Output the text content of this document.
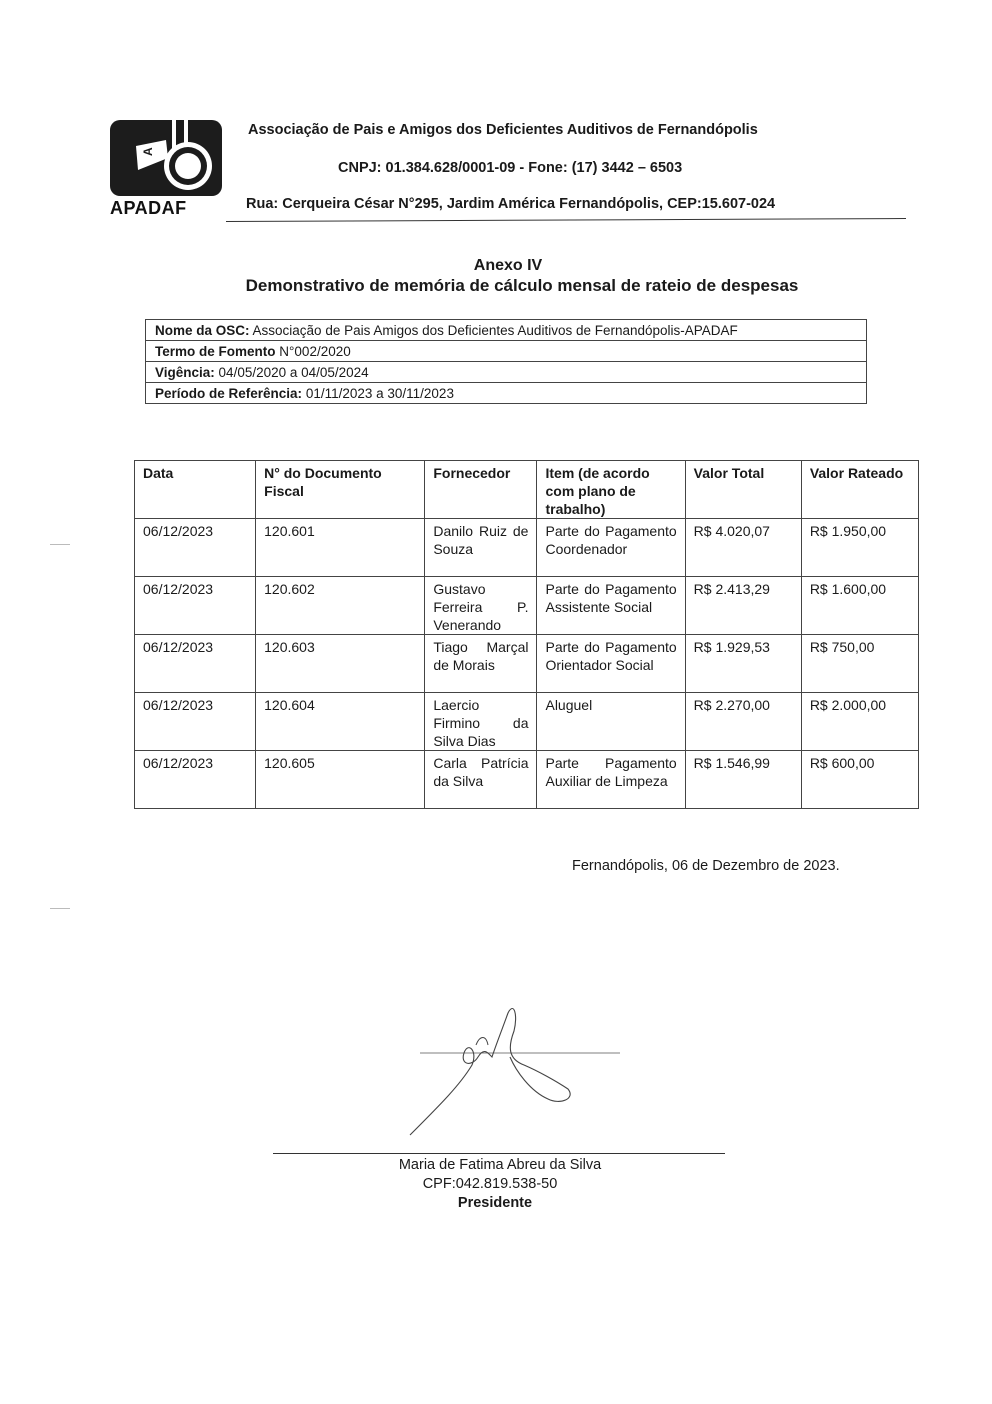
A
APADAF
Associação de Pais e Amigos dos Deficientes Auditivos de Fernandópolis
CNPJ: 01.384.628/0001-09 - Fone: (17) 3442 – 6503
Rua: Cerqueira César N°295, Jardim América Fernandópolis, CEP:15.607-024
Anexo IV
Demonstrativo de memória de cálculo mensal de rateio de despesas
Nome da OSC: Associação de Pais Amigos dos Deficientes Auditivos de Fernandópolis-APADAF
Termo de Fomento N°002/2020
Vigência: 04/05/2020 a 04/05/2024
Período de Referência: 01/11/2023 a 30/11/2023
Data	N° do Documento Fiscal	Fornecedor	Item (de acordo com plano de trabalho)	Valor Total	Valor Rateado
06/12/2023	120.601	Danilo Ruiz de Souza	Parte do Pagamento Coordenador	R$ 4.020,07	R$ 1.950,00
06/12/2023	120.602	Gustavo Ferreira P. Venerando	Parte do Pagamento Assistente Social	R$ 2.413,29	R$ 1.600,00
06/12/2023	120.603	Tiago Marçal de Morais	Parte do Pagamento Orientador Social	R$ 1.929,53	R$ 750,00
06/12/2023	120.604	Laercio Firmino da Silva Dias	Aluguel	R$ 2.270,00	R$ 2.000,00
06/12/2023	120.605	Carla Patrícia da Silva	Parte Pagamento Auxiliar de Limpeza	R$ 1.546,99	R$ 600,00
Fernandópolis, 06 de Dezembro de 2023.
Maria de Fatima Abreu da Silva
CPF:042.819.538-50
Presidente
